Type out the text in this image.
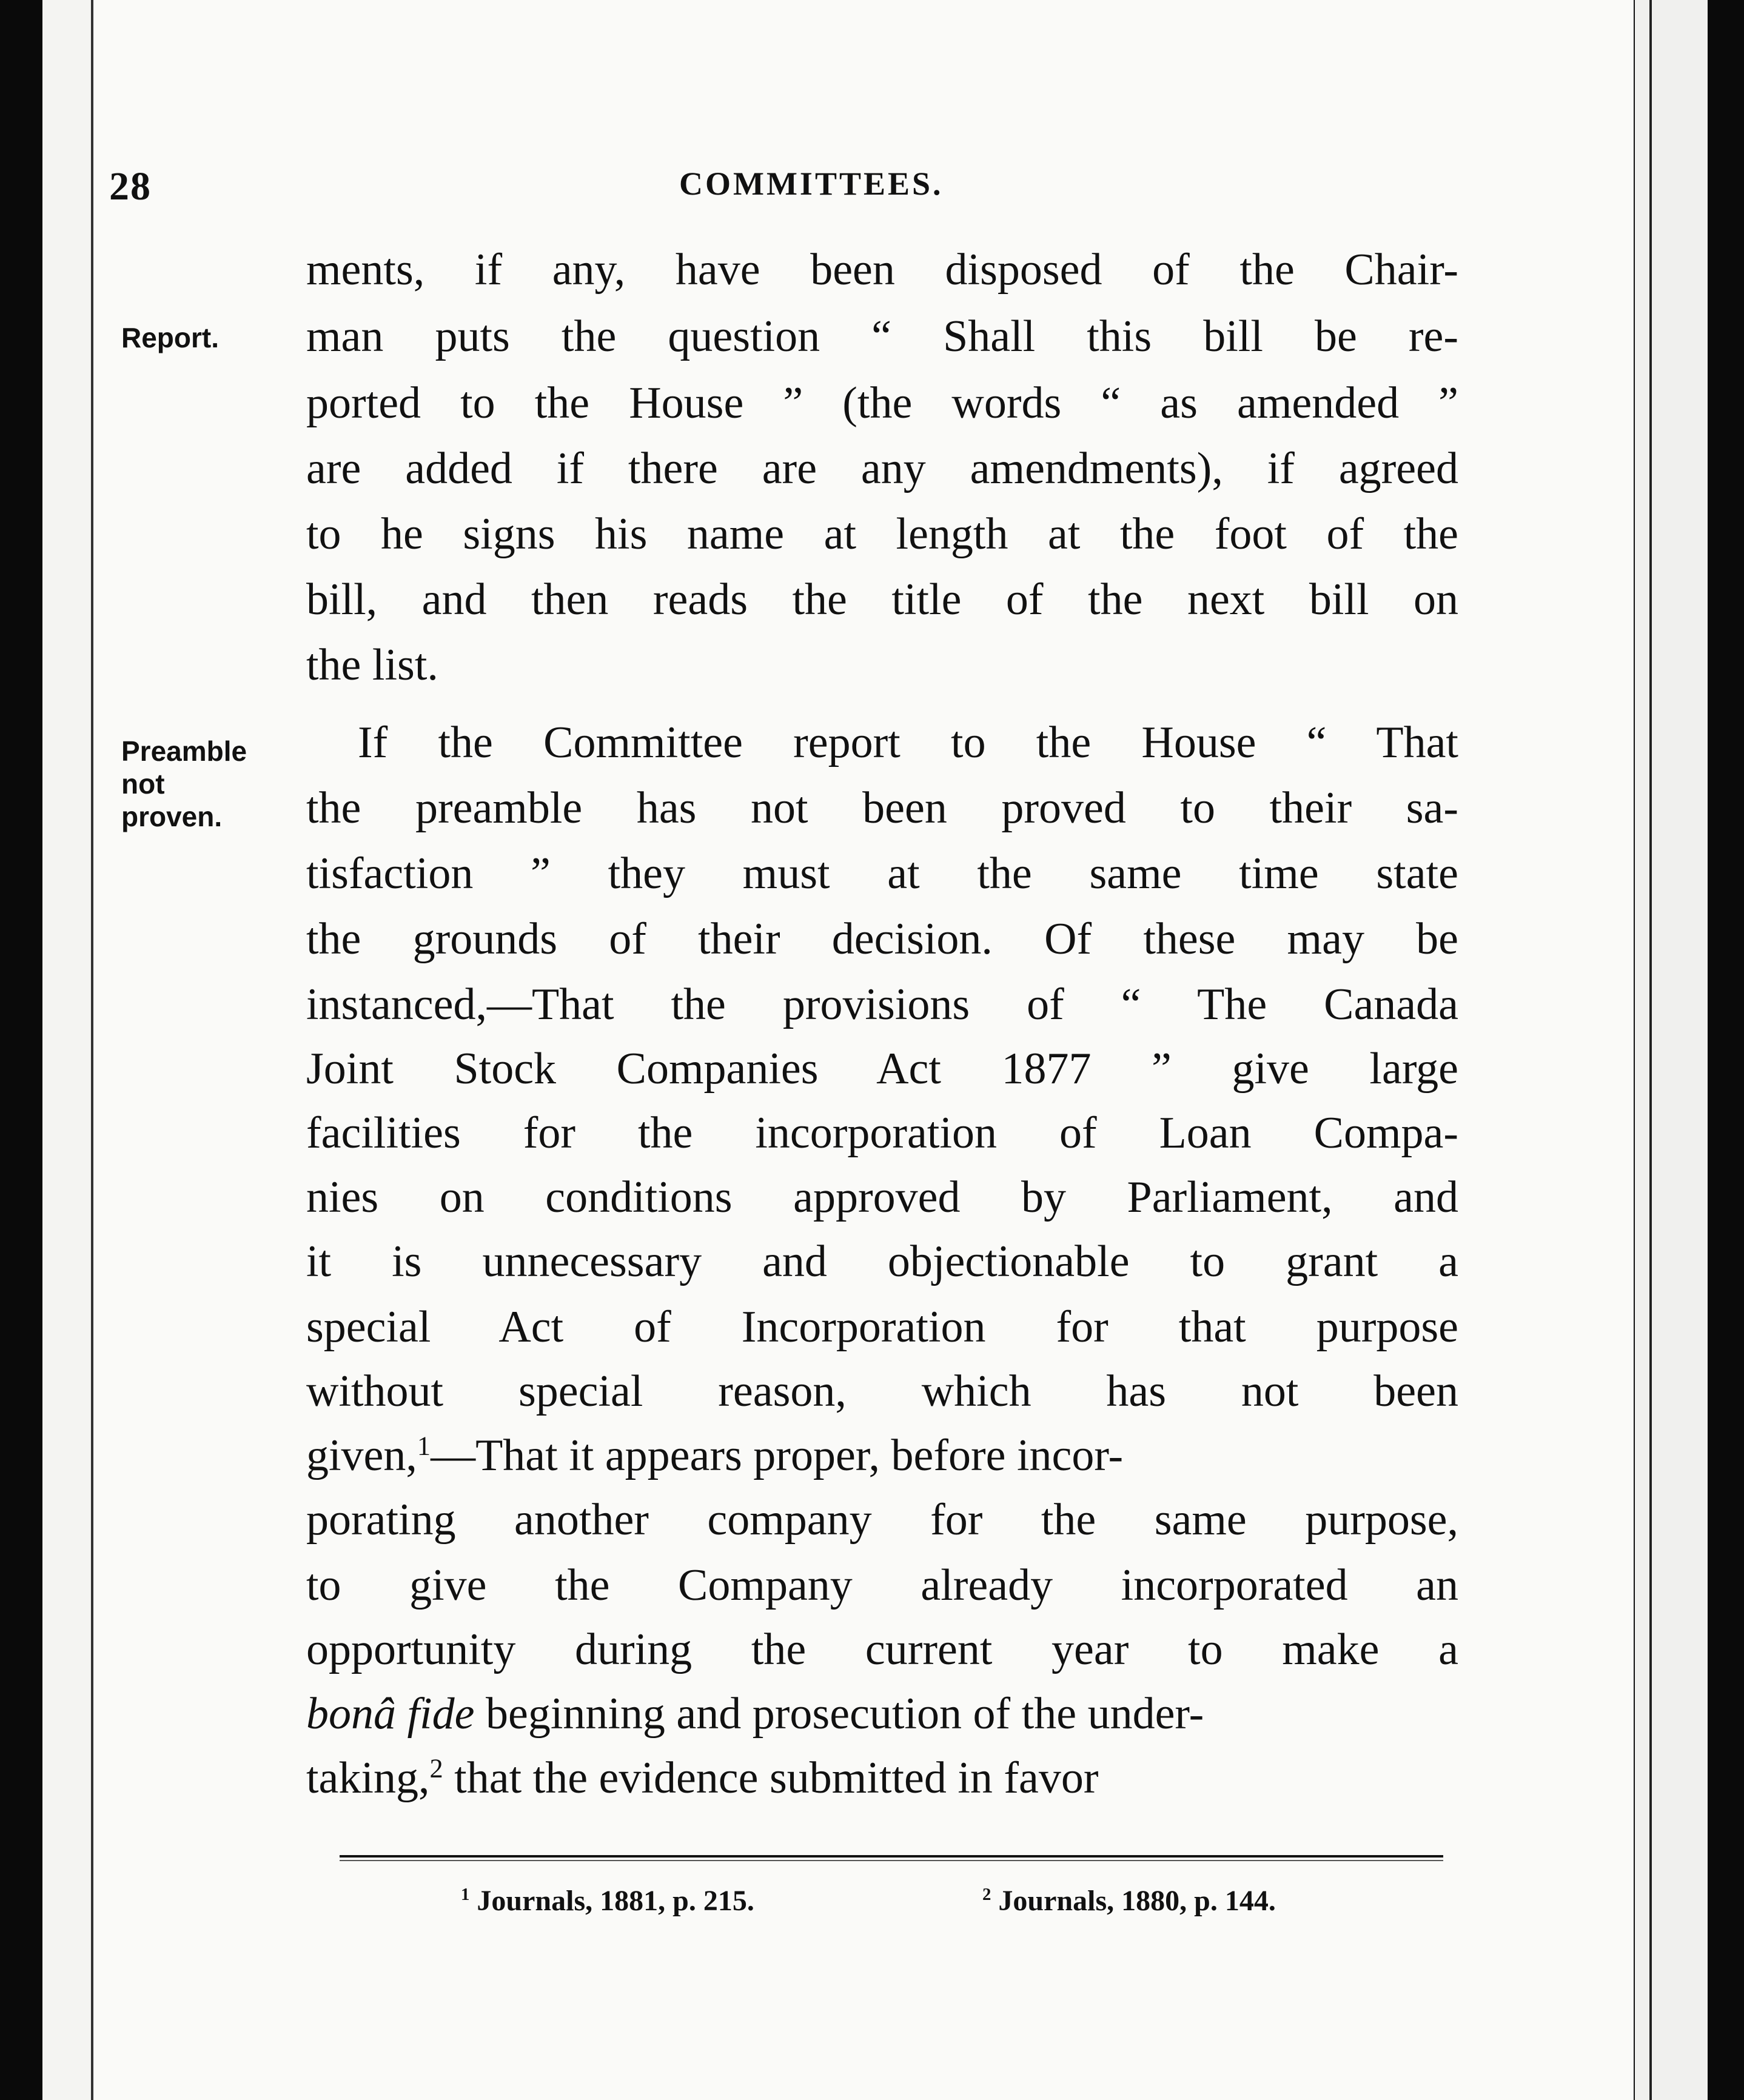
28	COMMITTEES.
Report.
Preamble
not
proven.
ments, if any, have been disposed of the Chair-
man puts the question “ Shall this bill be re-
ported to the House ” (the words “ as amended ”
are added if there are any amendments), if agreed
to he signs his name at length at the foot of the
bill, and then reads the title of the next bill on
the list.
If the Committee report to the House “ That
the preamble has not been proved to their sa-
tisfaction ” they must at the same time state
the grounds of their decision. Of these may be
instanced,—That the provisions of “ The Canada
Joint Stock Companies Act 1877 ” give large
facilities for the incorporation of Loan Compa-
nies on conditions approved by Parliament, and
it is unnecessary and objectionable to grant a
special Act of Incorporation for that purpose
without special reason, which has not been
given,$^1$—That it appears proper, before incor-
porating another company for the same purpose,
to give the Company already incorporated an
opportunity during the current year to make a
bonâ fide beginning and prosecution of the under-
taking,$^2$ that the evidence submitted in favor
$^1$ Journals, 1881, p. 215.	$^2$ Journals, 1880, p. 144.
